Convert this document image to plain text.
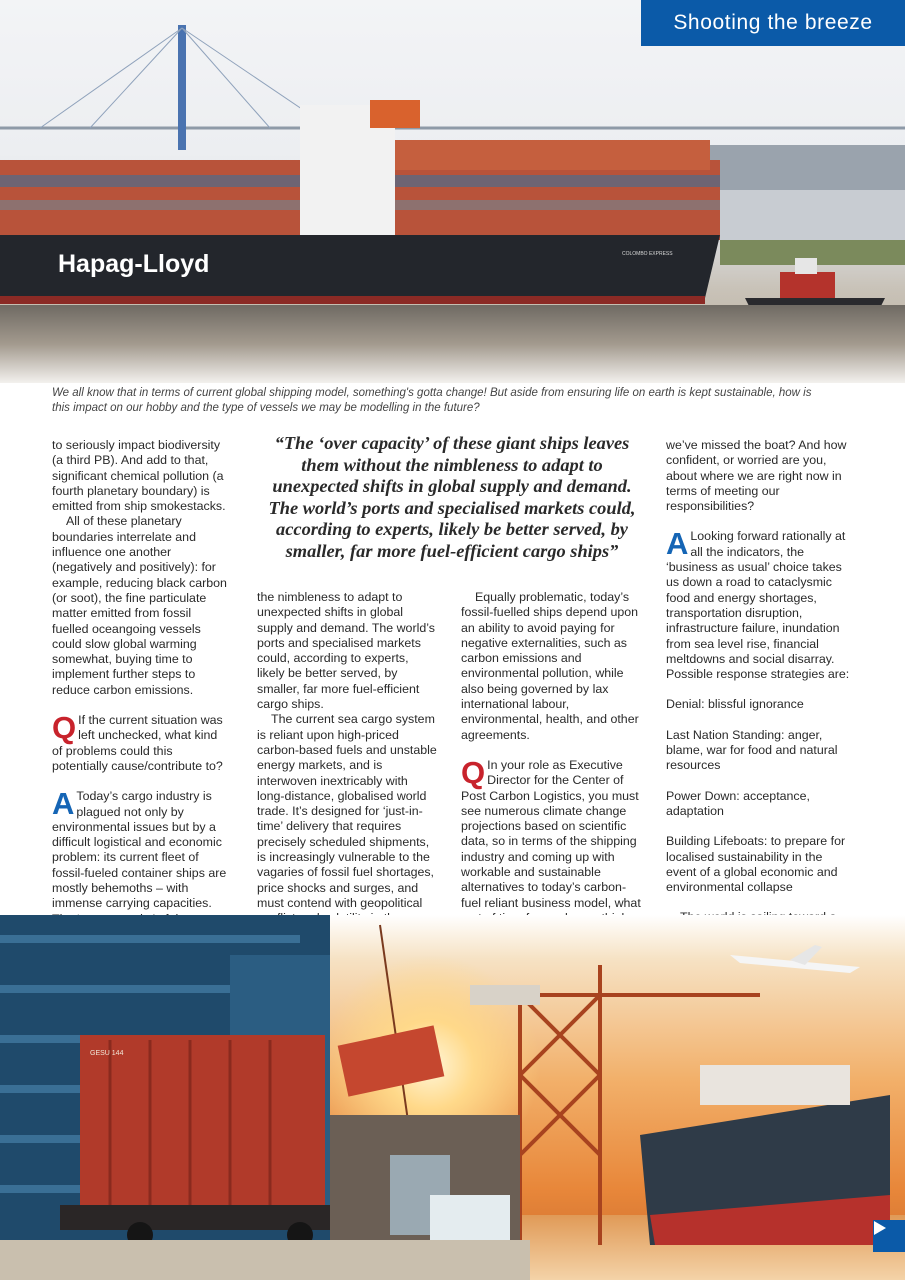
Hapag-Lloyd	COLOMBO EXPRESS
Shooting the breeze
We all know that in terms of current global shipping model, something's gotta change! But aside from ensuring life on earth is kept sustainable, how is this impact on our hobby and the type of vessels we may be modelling in the future?

to seriously impact biodiversity (a third PB). And add to that, significant chemical pollution (a fourth planetary boundary) is emitted from ship smokestacks.

All of these planetary boundaries interrelate and influence one another (negatively and positively): for example, reducing black carbon (or soot), the fine particulate matter emitted from fossil fuelled oceangoing vessels could slow global warming somewhat, buying time to implement further steps to reduce carbon emissions.

Q If the current situation was left unchecked, what kind of problems could this potentially cause/contribute to?

A Today’s cargo industry is plagued not only by environmental issues but by a difficult logistical and economic problem: its current fleet of fossil-fueled container ships are mostly behemoths – with immense carrying capacities.

“The ‘over capacity’ of these giant ships leaves them without the nimbleness to adapt to unexpected shifts in global supply and demand. The world’s ports and specialised markets could, according to experts, likely be better served, by smaller, far more fuel-efficient cargo ships”

the nimbleness to adapt to unexpected shifts in global supply and demand. The world’s ports and specialised markets could, according to experts, likely be better served, by smaller, far more fuel-efficient cargo ships.

The current sea cargo system is reliant upon high-priced carbon-based fuels and unstable energy markets, and is interwoven inextricably with long-distance, globalised world trade. It’s designed for ‘just-in-time’ delivery that requires precisely scheduled shipments, is increasingly vulnerable to the vagaries of fossil fuel shortages, price shocks and surges, and must contend with geopolitical

Equally problematic, today’s fossil-fuelled ships depend upon an ability to avoid paying for negative externalities, such as carbon emissions and environmental pollution, while also being governed by lax international labour, environmental, health, and other agreements.

Q In your role as Executive Director for the Center of Post Carbon Logistics, you must see numerous climate change projections based on scientific data, so in terms of the shipping industry and coming up with workable and sustainable alternatives to today’s carbon-fuel reliant business model, what

we’ve missed the boat? And how confident, or worried are you, about where we are right now in terms of meeting our responsibilities?

A Looking forward rationally at all the indicators, the ‘business as usual’ choice takes us down a road to cataclysmic food and energy shortages, transportation disruption, infrastructure failure, inundation from sea level rise, financial meltdowns and social disarray.

Possible response strategies are:

Denial: blissful ignorance

Last Nation Standing: anger, blame, war for food and natural resources

Power Down: acceptance, adaptation

Building Lifeboats: to prepare for localised sustainability in the event of a global economic and environmental collapse

GESU 144
